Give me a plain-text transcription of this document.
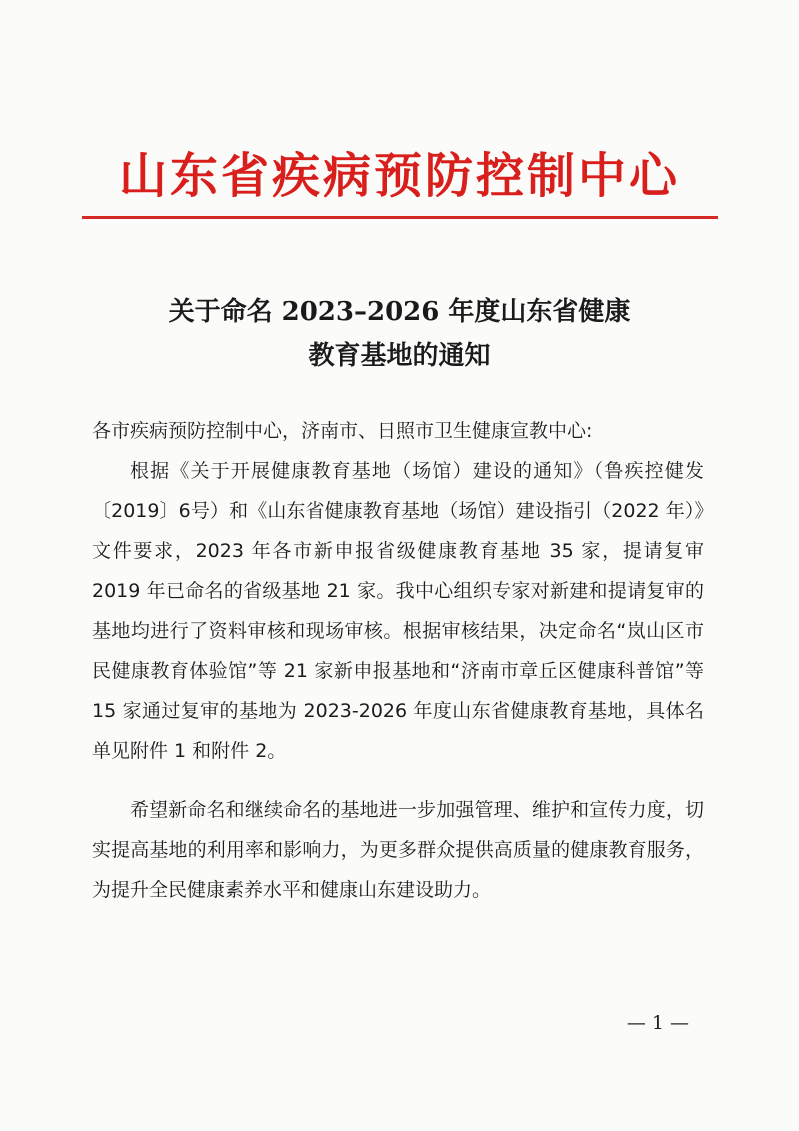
山东省疾病预防控制中心
关于命名 2023–2026 年度山东省健康
教育基地的通知

各市疾病预防控制中心，济南市、日照市卫生健康宣教中心:

根据《关于开展健康教育基地（场馆）建设的通知》（鲁疾控健发〔2019〕6号）和《山东省健康教育基地（场馆）建设指引（2022 年）》文件要求，2023 年各市新申报省级健康教育基地 35 家，提请复审 2019 年已命名的省级基地 21 家。我中心组织专家对新建和提请复审的基地均进行了资料审核和现场审核。根据审核结果，决定命名“岚山区市民健康教育体验馆”等 21 家新申报基地和“济南市章丘区健康科普馆”等 15 家通过复审的基地为 2023-2026 年度山东省健康教育基地，具体名单见附件 1 和附件 2。

希望新命名和继续命名的基地进一步加强管理、维护和宣传力度，切实提高基地的利用率和影响力，为更多群众提供高质量的健康教育服务，为提升全民健康素养水平和健康山东建设助力。

— 1 —
